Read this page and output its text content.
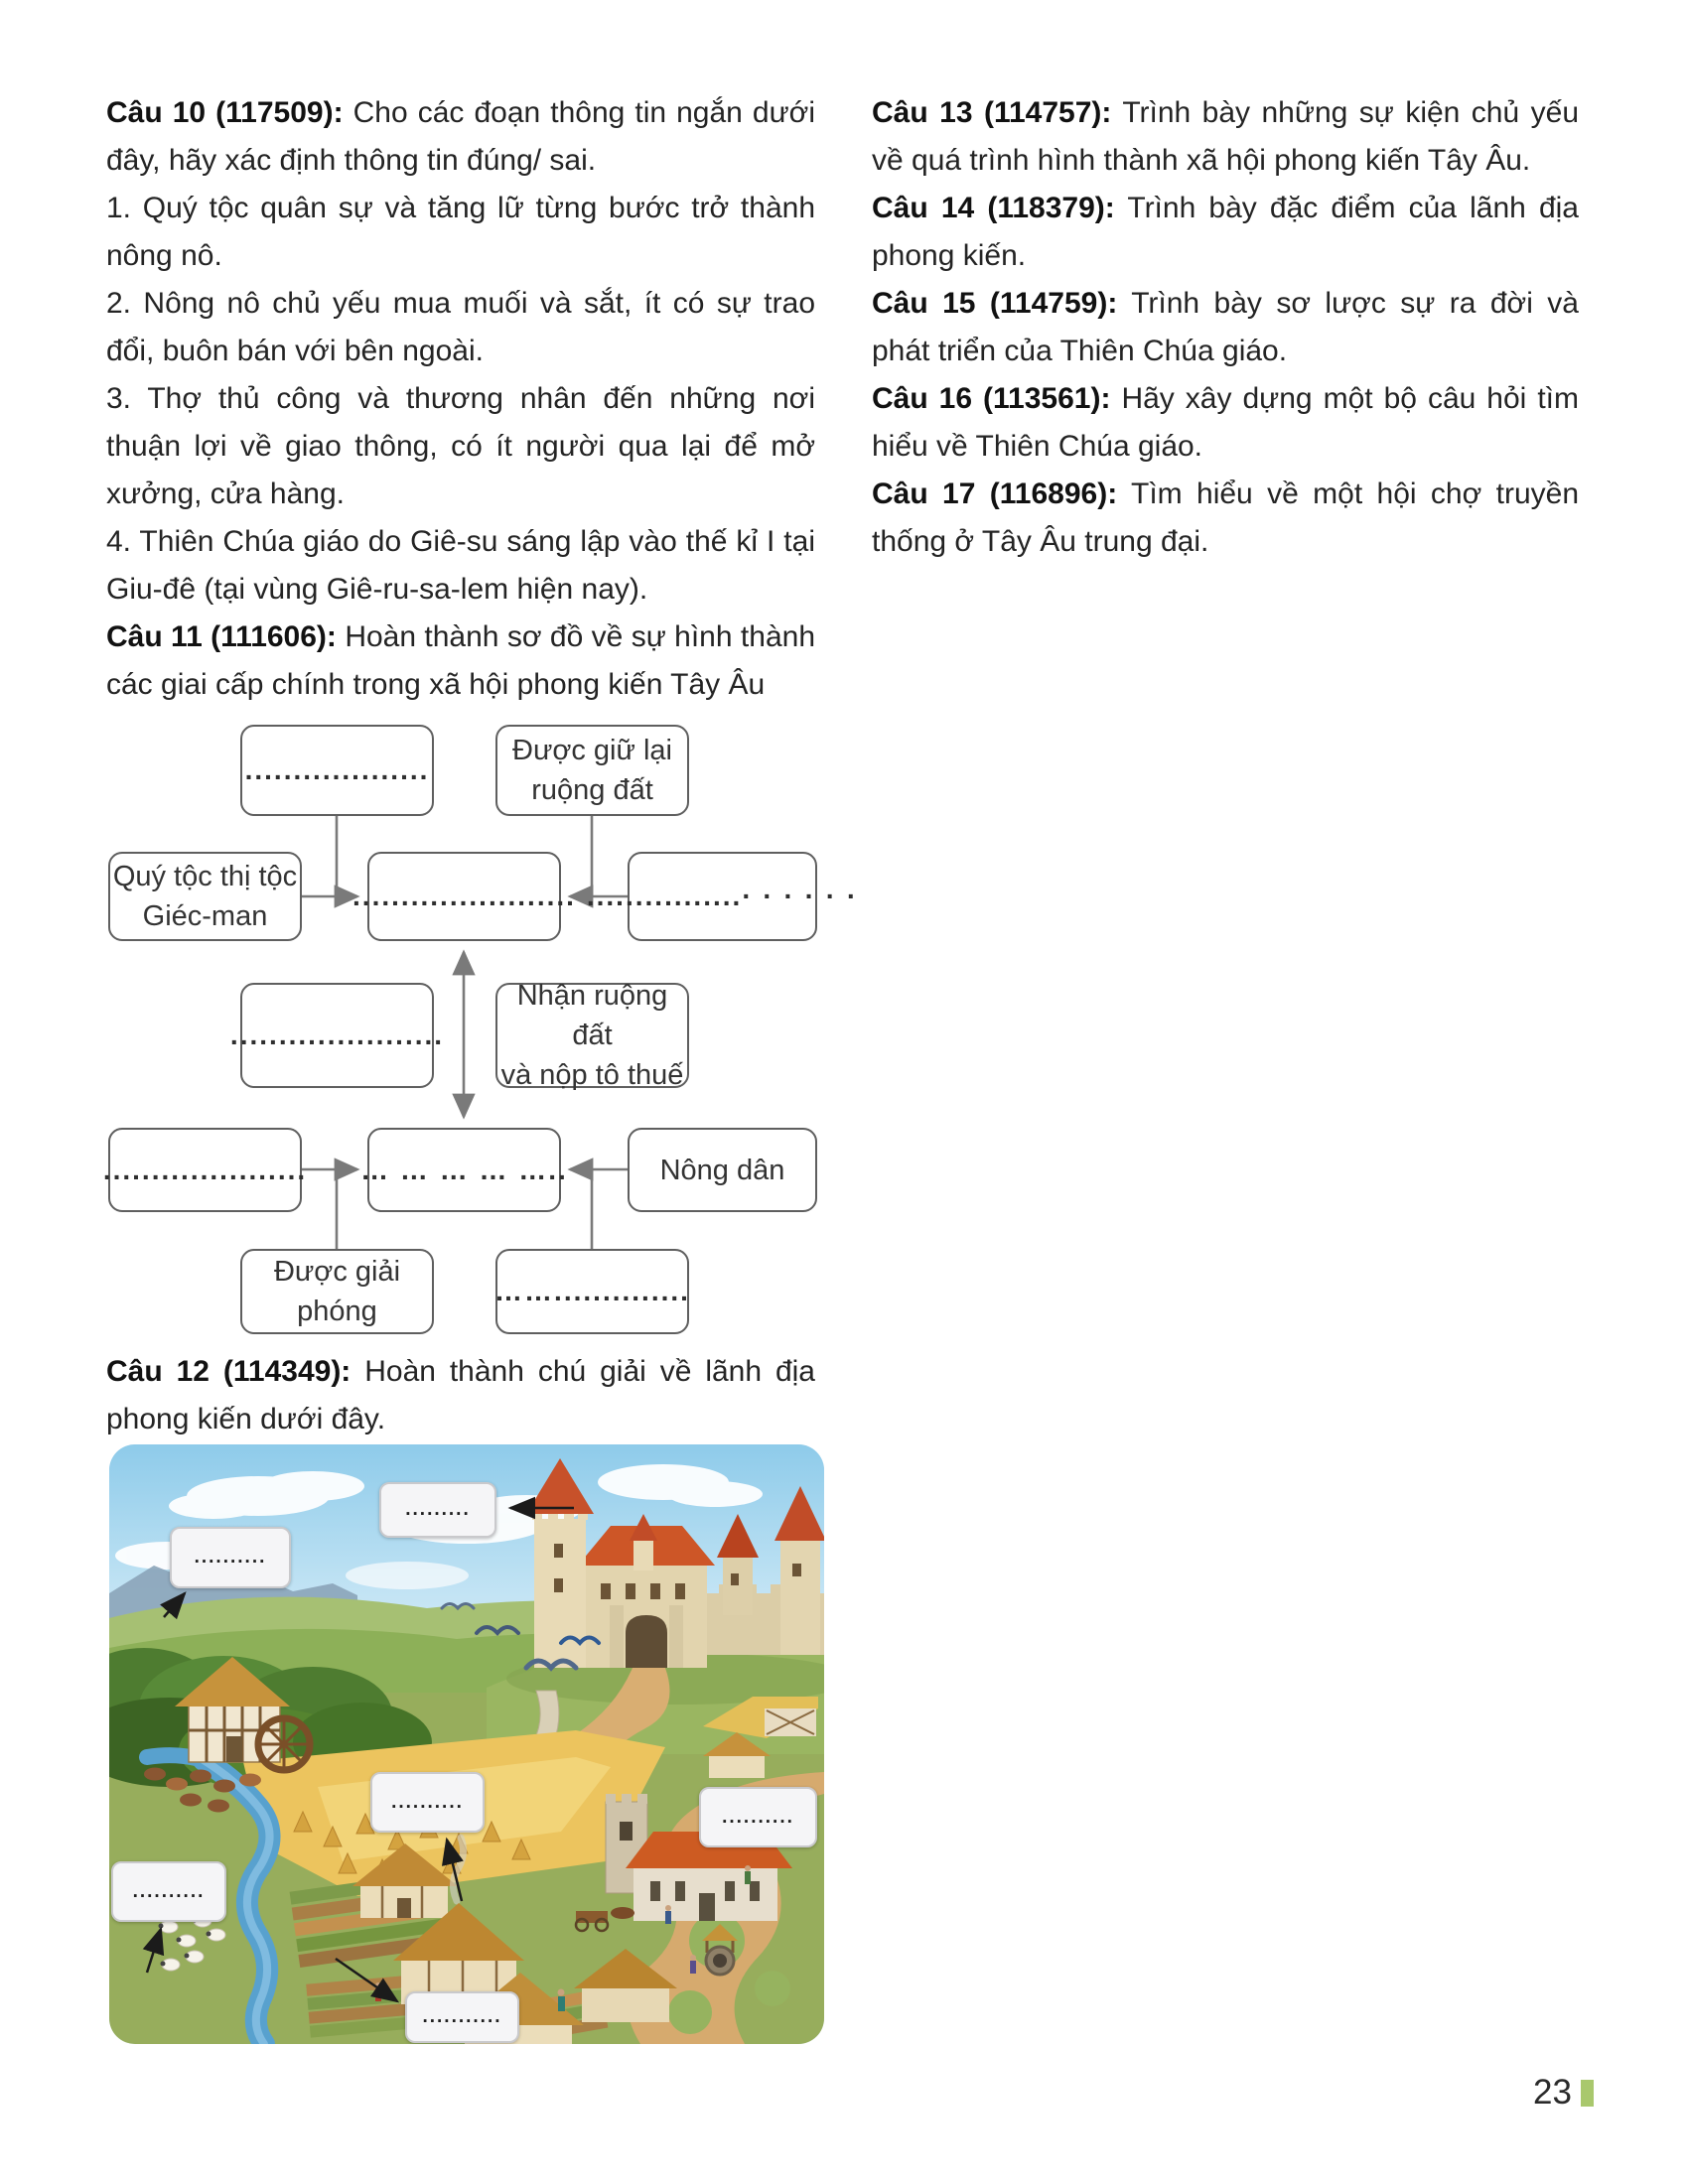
Câu 10 (117509): Cho các đoạn thông tin ngắn dưới đây, hãy xác định thông tin đúng/ sai.

1. Quý tộc quân sự và tăng lữ từng bước trở thành nông nô.

2. Nông nô chủ yếu mua muối và sắt, ít có sự trao đổi, buôn bán với bên ngoài.

3. Thợ thủ công và thương nhân đến những nơi thuận lợi về giao thông, có ít người qua lại để mở xưởng, cửa hàng.

4. Thiên Chúa giáo do Giê-su sáng lập vào thế kỉ I tại Giu-đê (tại vùng Giê-ru-sa-lem hiện nay).

Câu 11 (111606): Hoàn thành sơ đồ về sự hình thành các giai cấp chính trong xã hội phong kiến Tây Âu

Câu 13 (114757): Trình bày những sự kiện chủ yếu về quá trình hình thành xã hội phong kiến Tây Âu.

Câu 14 (118379): Trình bày đặc điểm của lãnh địa phong kiến.

Câu 15 (114759): Trình bày sơ lược sự ra đời và phát triển của Thiên Chúa giáo.

Câu 16 (113561): Hãy xây dựng một bộ câu hỏi tìm hiểu về Thiên Chúa giáo.

Câu 17 (116896): Tìm hiểu về một hội chợ truyền thống ở Tây Âu trung đại.

...................
Được giữ lại
ruộng đất
Quý tộc thị tộc
Giéc-man
....................... ................· · · · · ·
......................
Nhận ruộng đất
và nộp tô thuế
..................... … … … … …..	Nông dân
Được giải
phóng
……..............

Câu 12 (114349): Hoàn thành chú giải về lãnh địa phong kiến dưới đây.

.........
..........
..........
..........
..........
...........
23
